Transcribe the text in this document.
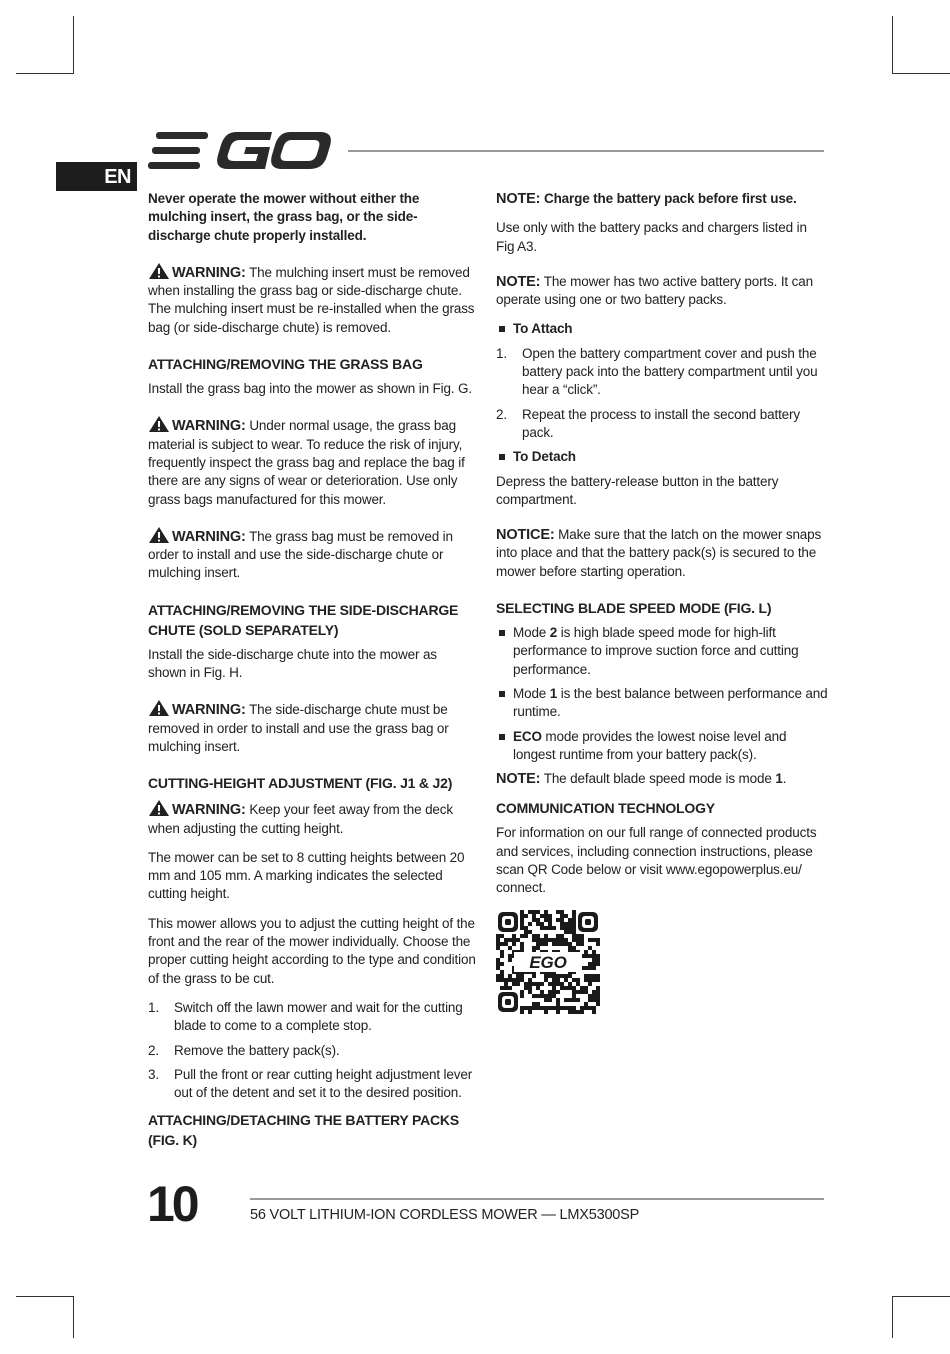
EN

Never operate the mower without either the mulching insert, the grass bag, or the side-discharge chute properly installed.

WARNING: The mulching insert must be removed when installing the grass bag or side-discharge chute. The mulching insert must be re-installed when the grass bag (or side-discharge chute) is removed.

ATTACHING/REMOVING THE GRASS BAG

Install the grass bag into the mower as shown in Fig. G.

WARNING: Under normal usage, the grass bag material is subject to wear. To reduce the risk of injury, frequently inspect the grass bag and replace the bag if there are any signs of wear or deterioration. Use only grass bags manufactured for this mower.

WARNING: The grass bag must be removed in order to install and use the side-discharge chute or mulching insert.

ATTACHING/REMOVING THE SIDE-DISCHARGE CHUTE (SOLD SEPARATELY)

Install the side-discharge chute into the mower as shown in Fig. H.

WARNING: The side-discharge chute must be removed in order to install and use the grass bag or mulching insert.

CUTTING-HEIGHT ADJUSTMENT (FIG. J1 & J2)

WARNING: Keep your feet away from the deck when adjusting the cutting height.

The mower can be set to 8 cutting heights between 20 mm and 105 mm. A marking indicates the selected cutting height.

This mower allows you to adjust the cutting height of the front and the rear of the mower individually. Choose the proper cutting height according to the type and condition of the grass to be cut.

1. Switch off the lawn mower and wait for the cutting blade to come to a complete stop.
2. Remove the battery pack(s).
3. Pull the front or rear cutting height adjustment lever out of the detent and set it to the desired position.
ATTACHING/DETACHING THE BATTERY PACKS (FIG. K)

NOTE: Charge the battery pack before first use.

Use only with the battery packs and chargers listed in Fig A3.

NOTE: The mower has two active battery ports. It can operate using one or two battery packs.

To Attach
1. Open the battery compartment cover and push the battery pack into the battery compartment until you hear a “click”.
2. Repeat the process to install the second battery pack.
To Detach

Depress the battery-release button in the battery compartment.

NOTICE: Make sure that the latch on the mower snaps into place and that the battery pack(s) is secured to the mower before starting operation.

SELECTING BLADE SPEED MODE (FIG. L)
Mode 2 is high blade speed mode for high-lift performance to improve suction force and cutting performance.
Mode 1 is the best balance between performance and runtime.
ECO mode provides the lowest noise level and longest runtime from your battery pack(s).

NOTE: The default blade speed mode is mode 1.

COMMUNICATION TECHNOLOGY

For information on our full range of connected products and services, including connection instructions, please scan QR Code below or visit www.egopowerplus.eu/ connect.

EGO
10	56 VOLT LITHIUM-ION CORDLESS MOWER — LMX5300SP
